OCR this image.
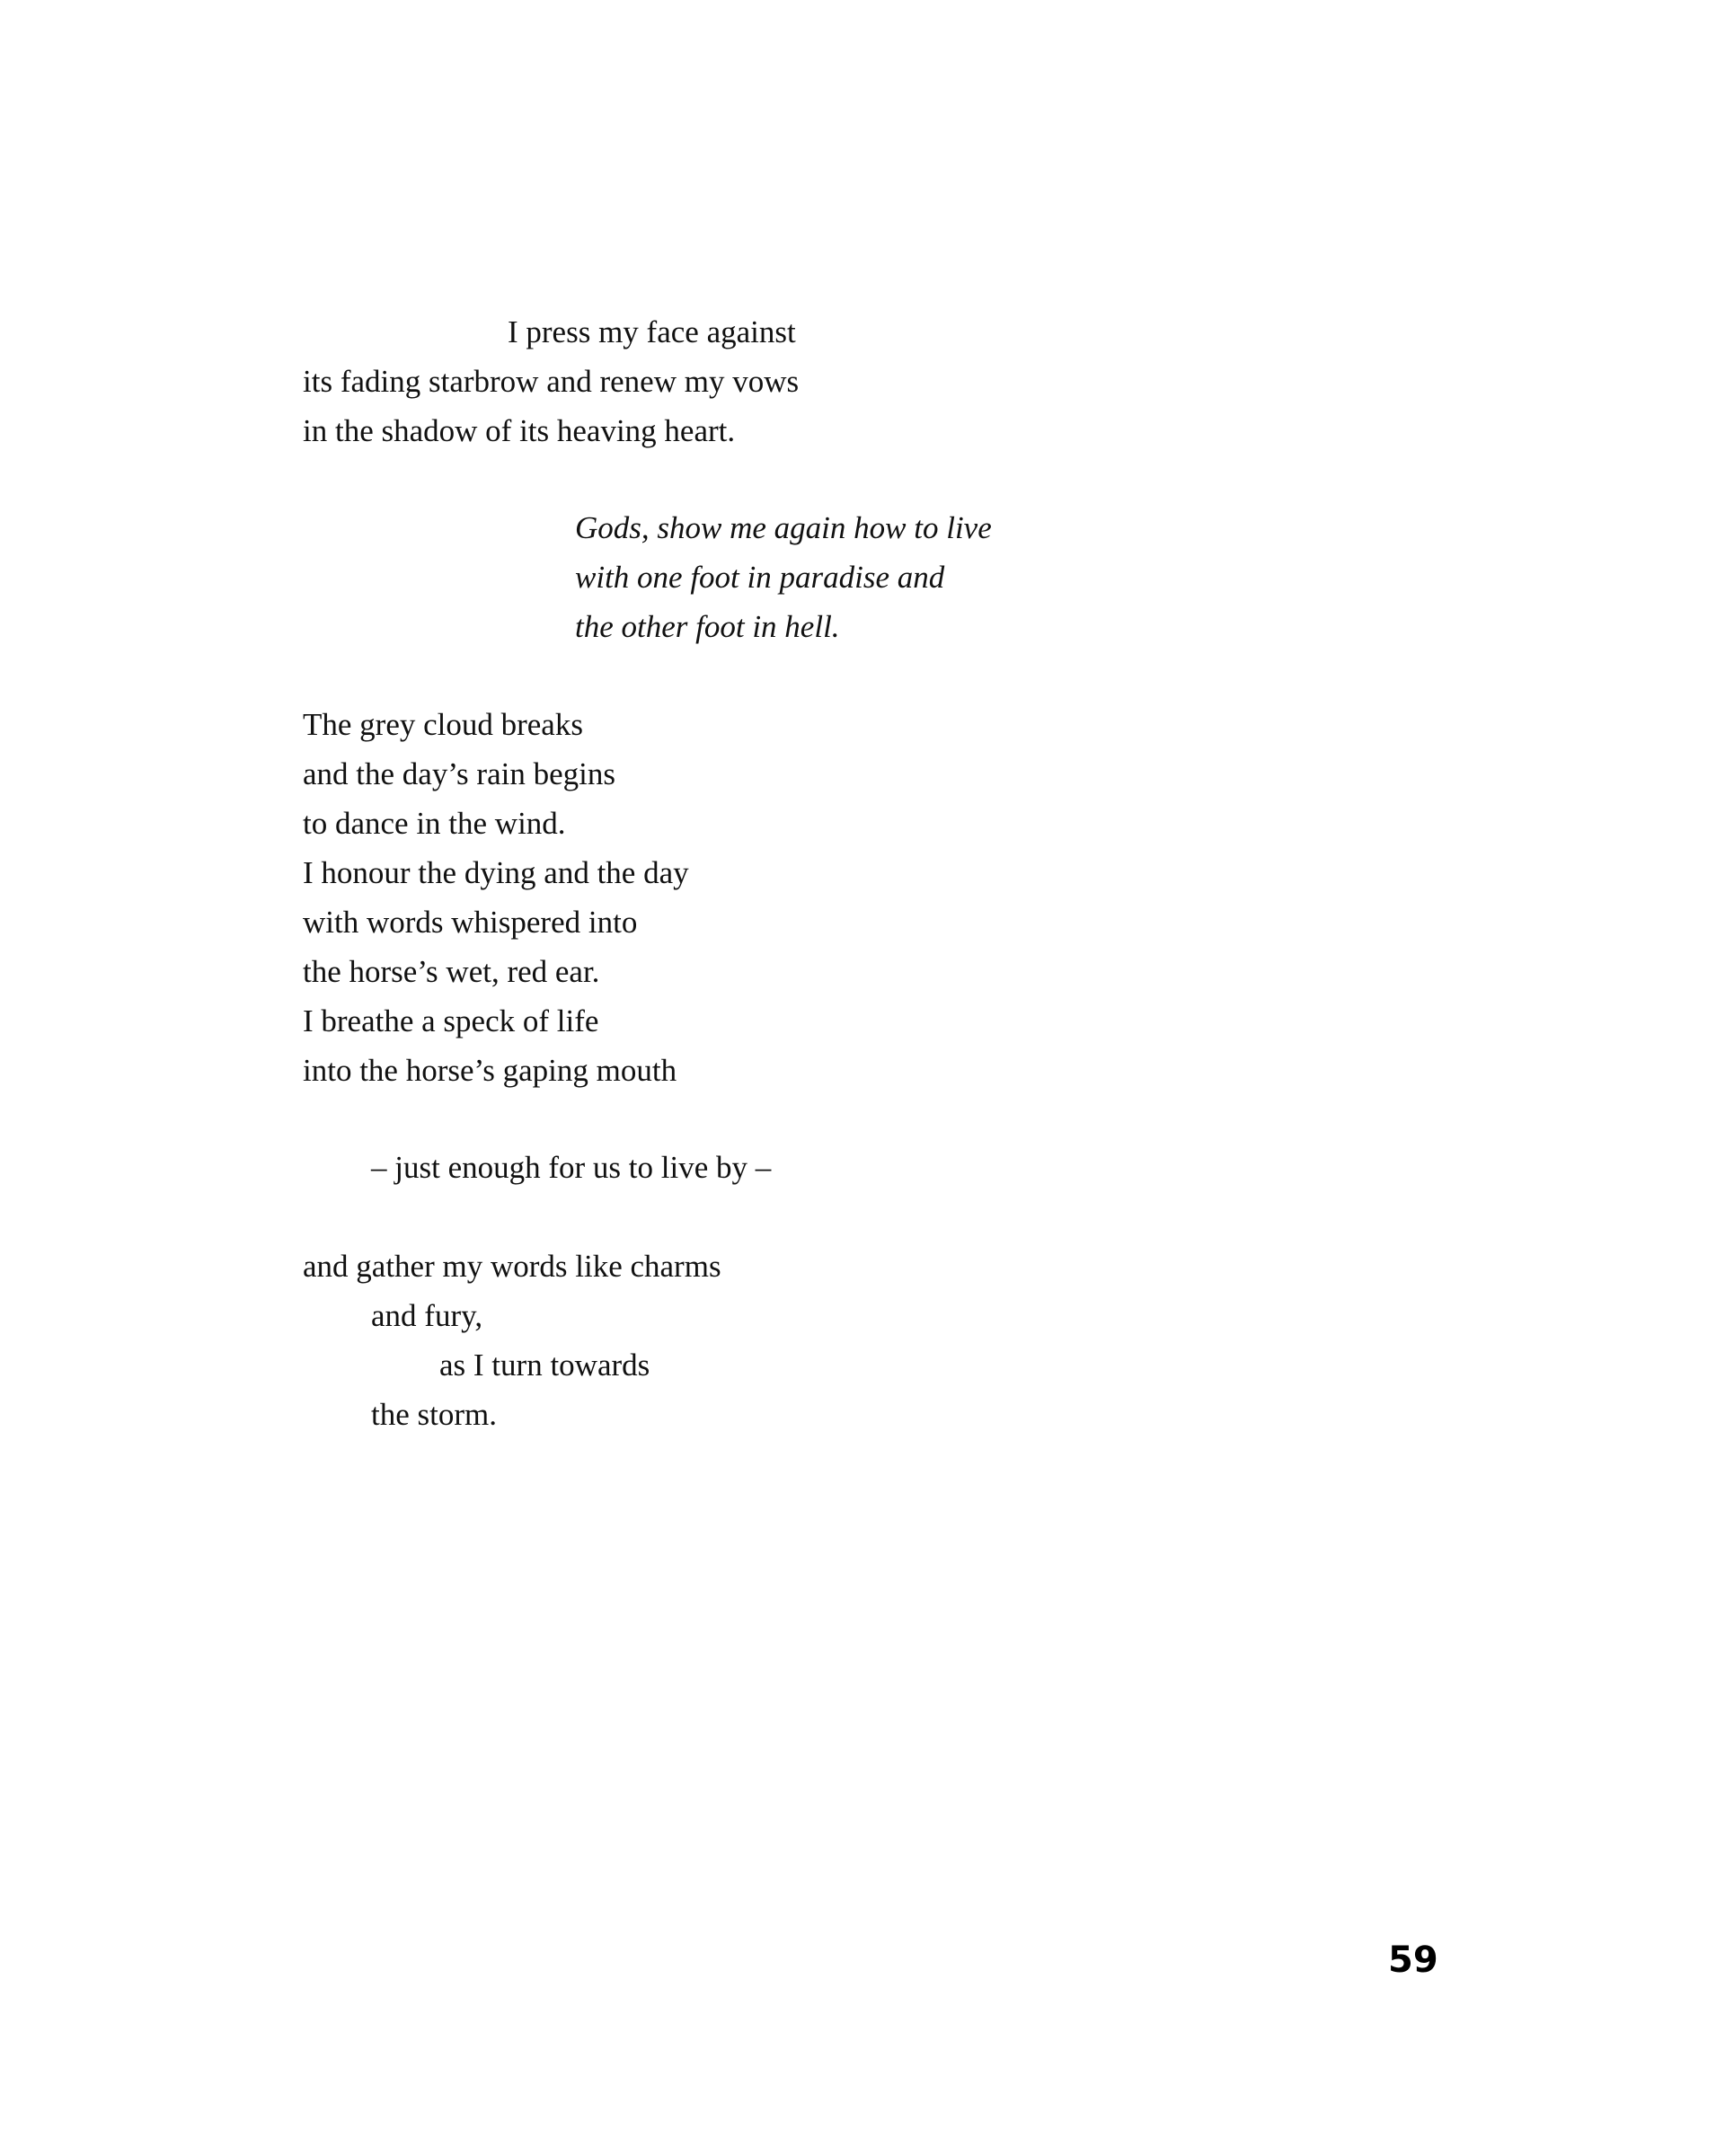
I press my face against
its fading starbrow and renew my vows
in the shadow of its heaving heart.
Gods, show me again how to live
with one foot in paradise and
the other foot in hell.
The grey cloud breaks
and the day’s rain begins
to dance in the wind.
I honour the dying and the day
with words whispered into
the horse’s wet, red ear.
I breathe a speck of life
into the horse’s gaping mouth
– just enough for us to live by –
and gather my words like charms
and fury,
as I turn towards
the storm.
59
